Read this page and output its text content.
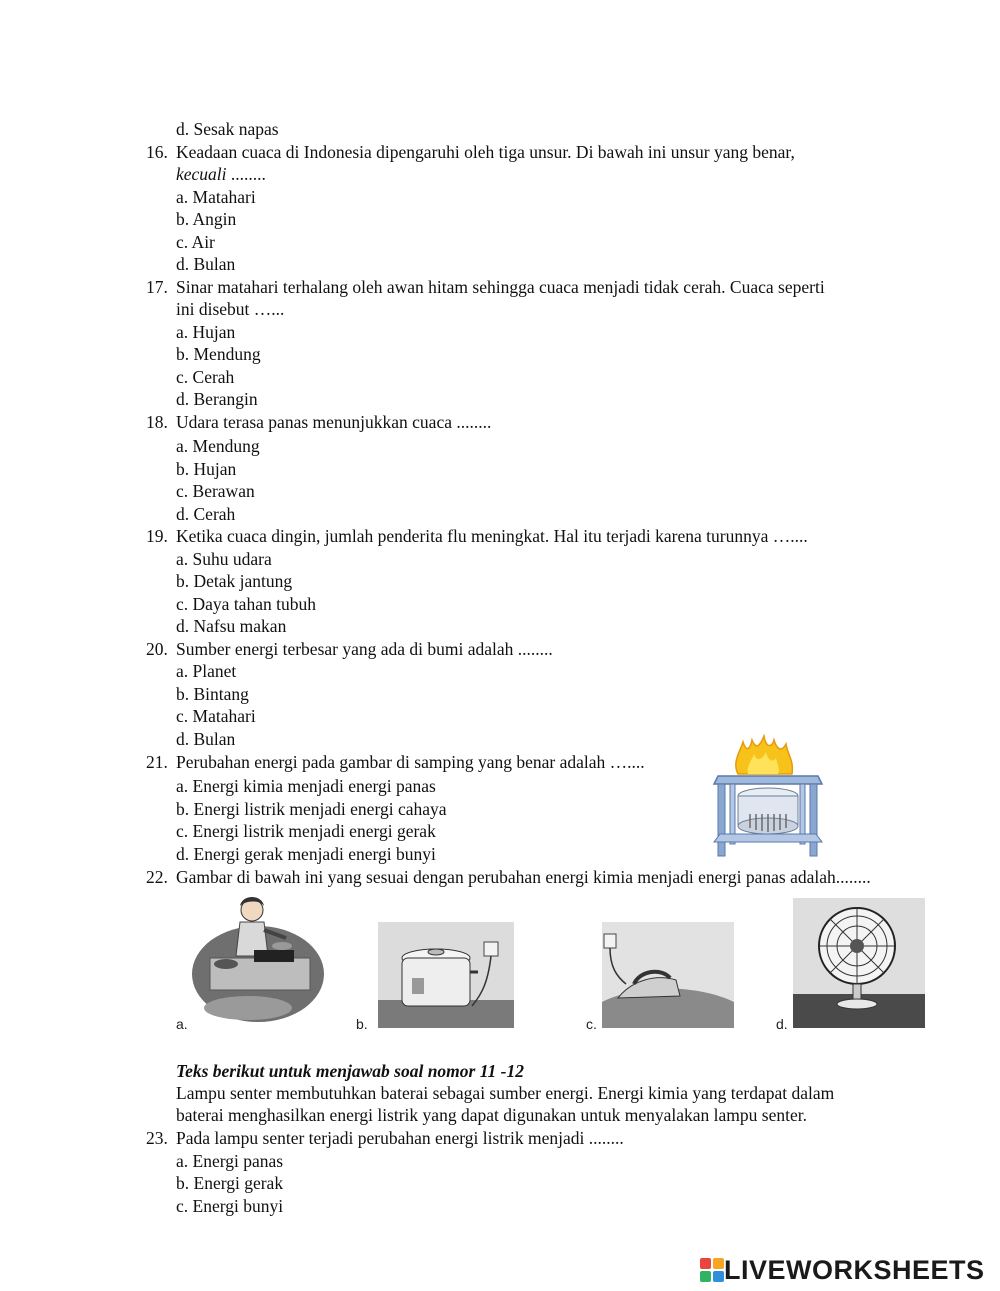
d. Sesak napas
16. Keadaan cuaca di Indonesia dipengaruhi oleh tiga unsur. Di bawah ini unsur yang benar,
kecuali ........
a. Matahari
b. Angin
c. Air
d. Bulan
17. Sinar matahari terhalang oleh awan hitam sehingga cuaca menjadi tidak cerah. Cuaca seperti
ini disebut …...
a. Hujan
b. Mendung
c. Cerah
d. Berangin
18. Udara terasa panas menunjukkan cuaca ........
a. Mendung
b. Hujan
c. Berawan
d. Cerah
19. Ketika cuaca dingin, jumlah penderita flu meningkat. Hal itu terjadi karena turunnya …....
a. Suhu udara
b. Detak jantung
c. Daya tahan tubuh
d. Nafsu makan
20. Sumber energi terbesar yang ada di bumi adalah ........
a. Planet
b. Bintang
c. Matahari
d. Bulan
21. Perubahan energi pada gambar di samping yang benar adalah …....
a. Energi kimia menjadi energi panas
b. Energi listrik menjadi energi cahaya
c. Energi listrik menjadi energi gerak
d. Energi gerak menjadi energi bunyi
22. Gambar di bawah ini yang sesuai dengan perubahan energi kimia menjadi energi panas adalah........
a.	b.	c.	d.
Teks berikut untuk menjawab soal nomor 11 -12
Lampu senter membutuhkan baterai sebagai sumber energi. Energi kimia yang terdapat dalam
baterai menghasilkan energi listrik yang dapat digunakan untuk menyalakan lampu senter.
23. Pada lampu senter terjadi perubahan energi listrik menjadi ........
a. Energi panas
b. Energi gerak
c. Energi bunyi
LIVEWORKSHEETS
